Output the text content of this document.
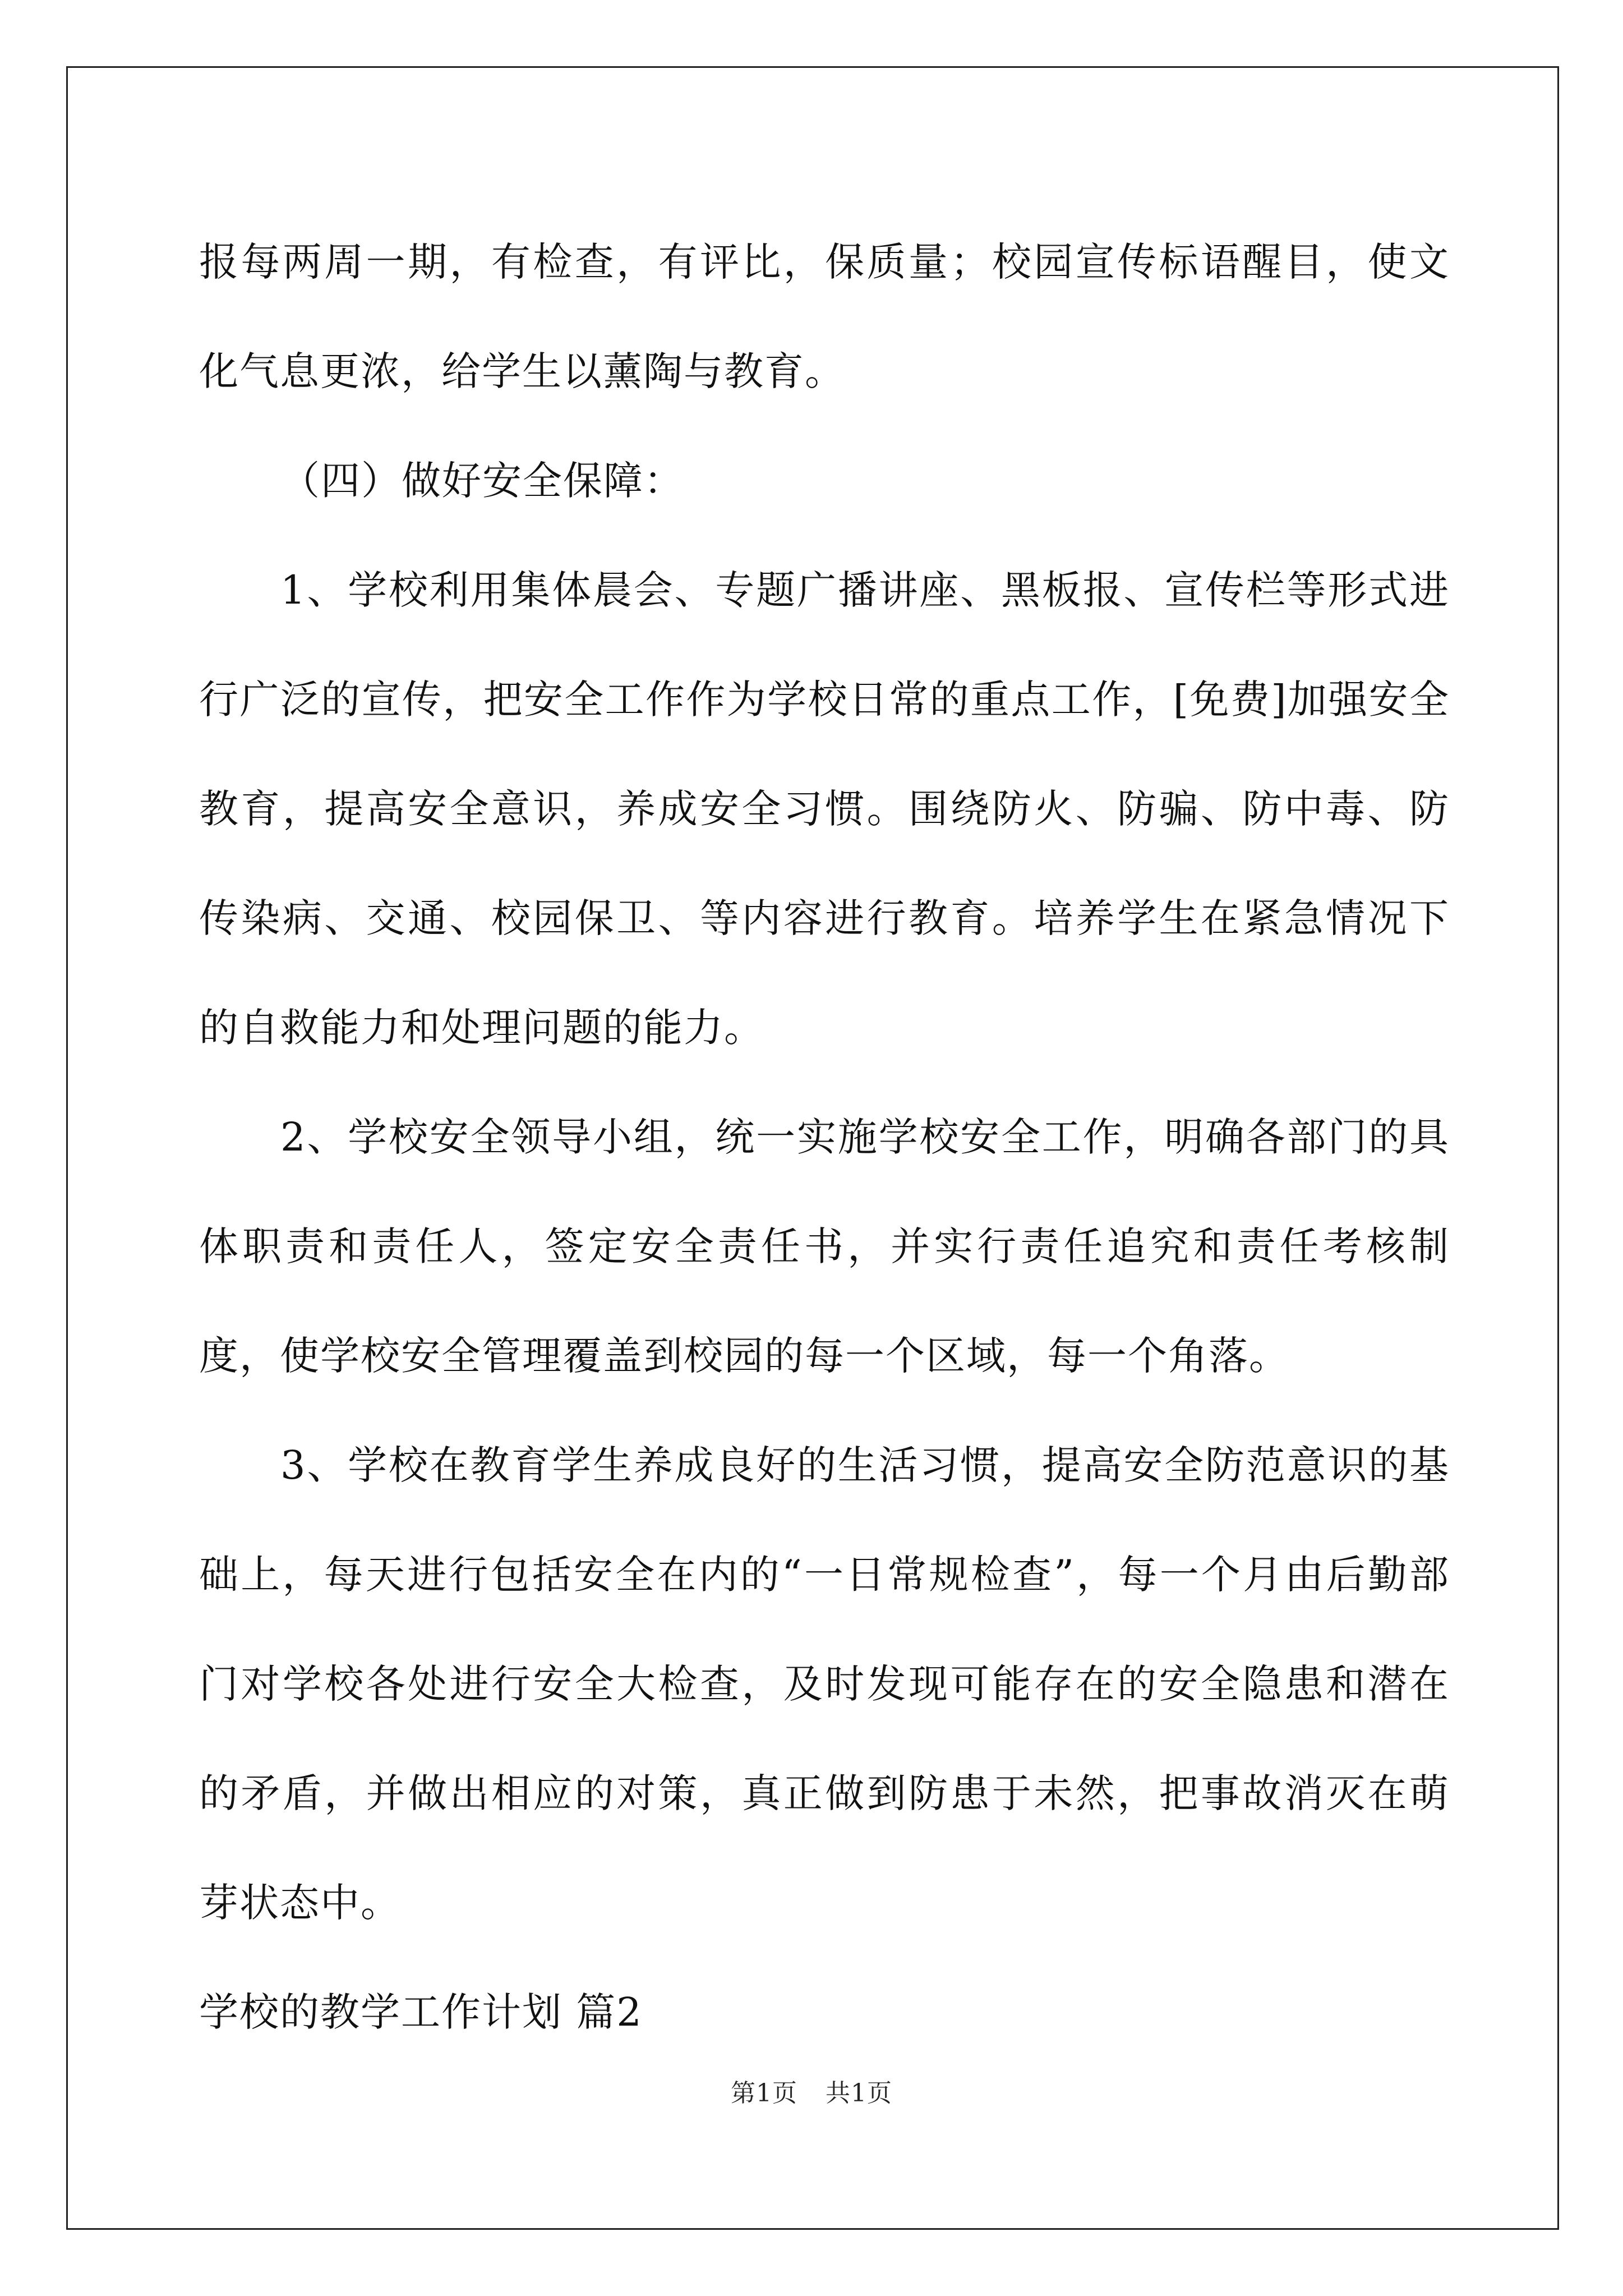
报每两周一期，有检查，有评比，保质量；校园宣传标语醒目，使文化气息更浓，给学生以薰陶与教育。

（四）做好安全保障：

1、学校利用集体晨会、专题广播讲座、黑板报、宣传栏等形式进行广泛的宣传，把安全工作作为学校日常的重点工作，[免费]加强安全教育，提高安全意识，养成安全习惯。围绕防火、防骗、防中毒、防传染病、交通、校园保卫、等内容进行教育。培养学生在紧急情况下的自救能力和处理问题的能力。

2、学校安全领导小组，统一实施学校安全工作，明确各部门的具体职责和责任人，签定安全责任书，并实行责任追究和责任考核制度，使学校安全管理覆盖到校园的每一个区域，每一个角落。

3、学校在教育学生养成良好的生活习惯，提高安全防范意识的基础上，每天进行包括安全在内的“一日常规检查”，每一个月由后勤部门对学校各处进行安全大检查，及时发现可能存在的安全隐患和潜在的矛盾，并做出相应的对策，真正做到防患于未然，把事故消灭在萌芽状态中。

学校的教学工作计划 篇2
第1页 共1页
